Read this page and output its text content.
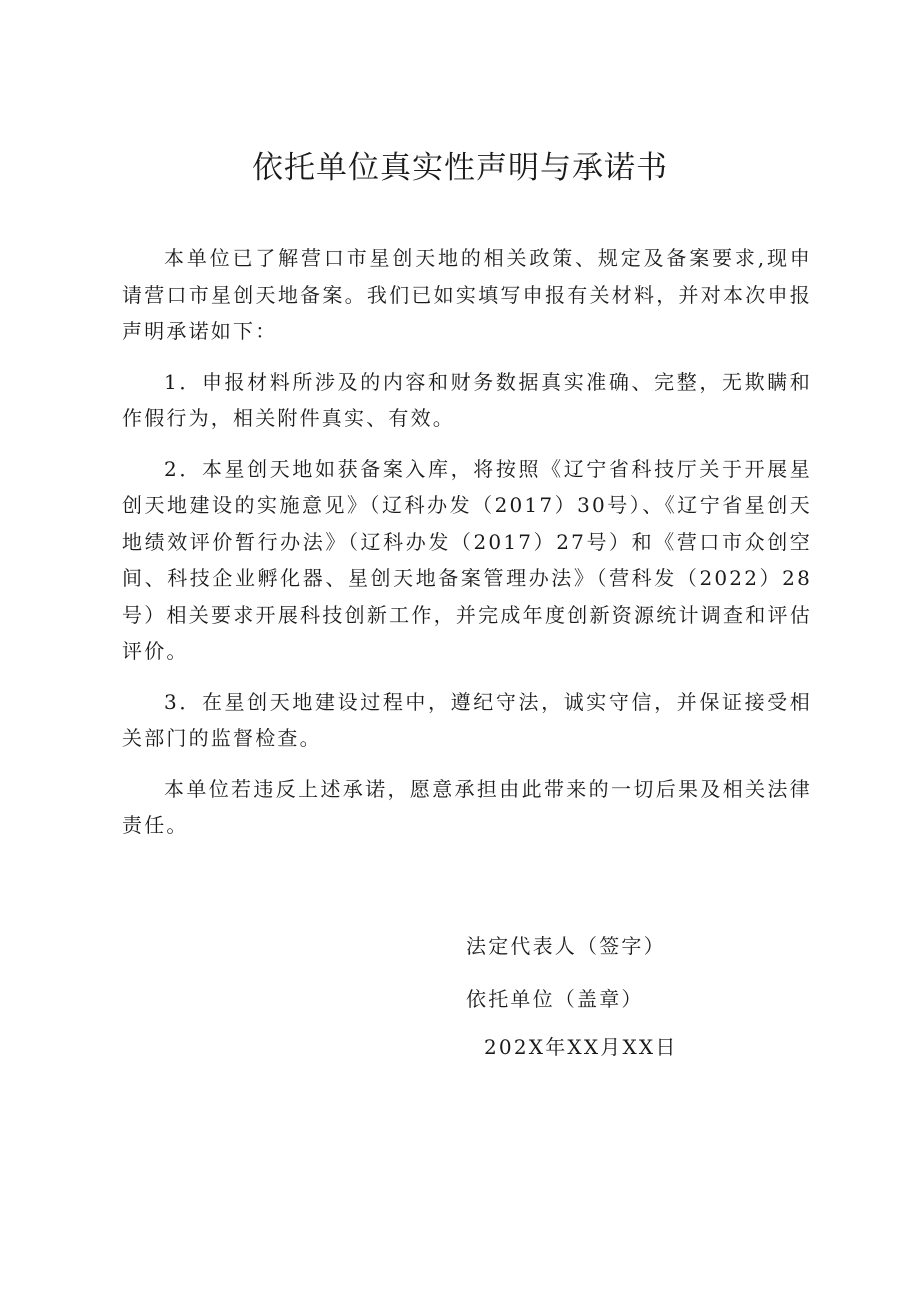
依托单位真实性声明与承诺书

本单位已了解营口市星创天地的相关政策、规定及备案要求,现申请营口市星创天地备案。我们已如实填写申报有关材料，并对本次申报声明承诺如下：

1．申报材料所涉及的内容和财务数据真实准确、完整，无欺瞒和作假行为，相关附件真实、有效。

2．本星创天地如获备案入库，将按照《辽宁省科技厅关于开展星创天地建设的实施意见》（辽科办发（2017）30号）、《辽宁省星创天地绩效评价暂行办法》（辽科办发（2017）27号）和《营口市众创空间、科技企业孵化器、星创天地备案管理办法》（营科发（2022）28号）相关要求开展科技创新工作，并完成年度创新资源统计调查和评估评价。

3．在星创天地建设过程中，遵纪守法，诚实守信，并保证接受相关部门的监督检查。

本单位若违反上述承诺，愿意承担由此带来的一切后果及相关法律责任。

法定代表人（签字）
依托单位（盖章）
202X年XX月XX日
